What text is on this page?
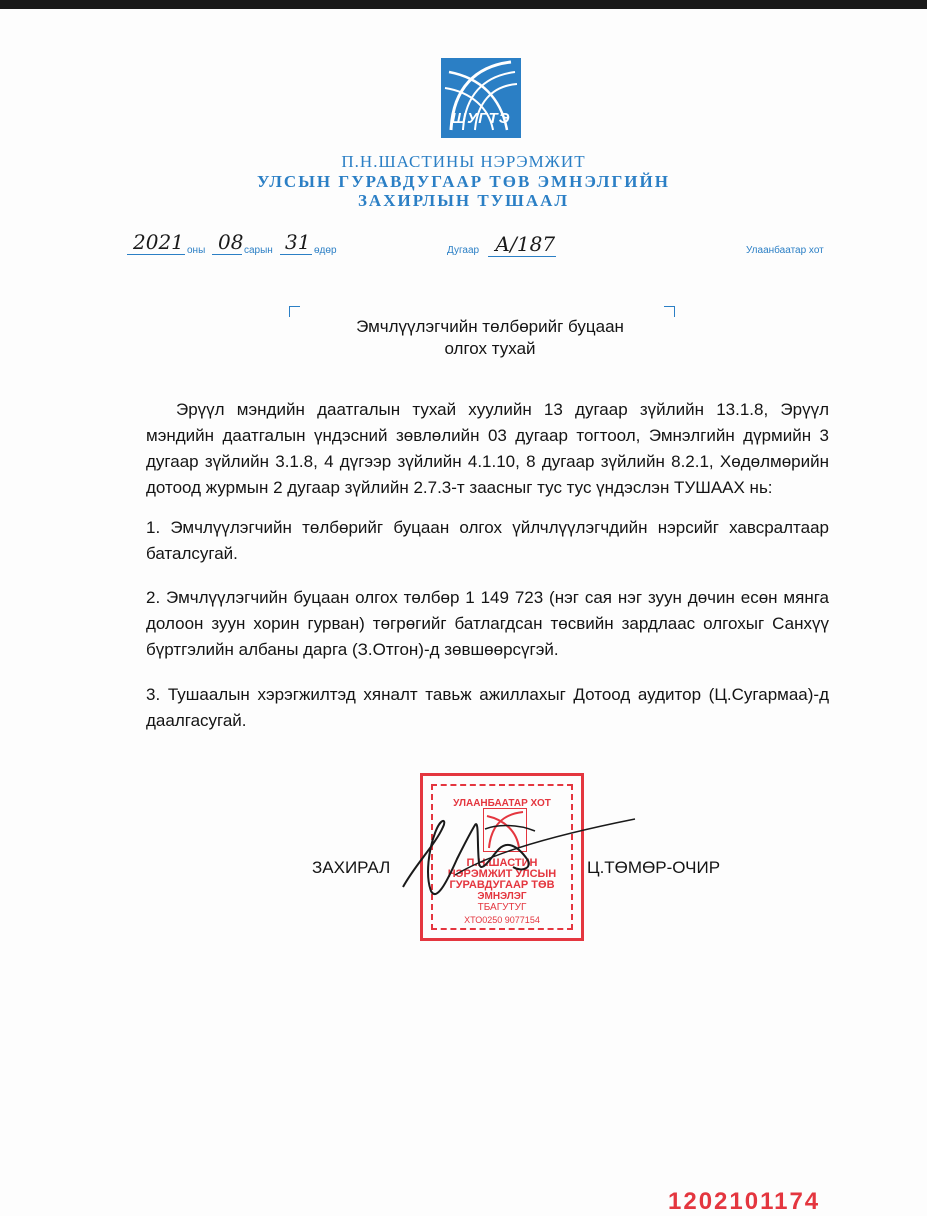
ШУГТЭ
П.Н.ШАСТИНЫ НЭРЭМЖИТ
УЛСЫН ГУРАВДУГААР ТӨВ ЭМНЭЛГИЙН
ЗАХИРЛЫН ТУШААЛ
2021 оны 08 сарын 31 өдөр	Дугаар А/187	Улаанбаатар хот
Эмчлүүлэгчийн төлбөрийг буцаан
олгох тухай
Эрүүл мэндийн даатгалын тухай хуулийн 13 дугаар зүйлийн 13.1.8, Эрүүл мэндийн даатгалын үндэсний зөвлөлийн 03 дугаар тогтоол, Эмнэлгийн дүрмийн 3 дугаар зүйлийн 3.1.8, 4 дүгээр зүйлийн 4.1.10, 8 дугаар зүйлийн 8.2.1, Хөдөлмөрийн дотоод журмын 2 дугаар зүйлийн 2.7.3-т заасныг тус тус үндэслэн ТУШААХ нь:
1. Эмчлүүлэгчийн төлбөрийг буцаан олгох үйлчлүүлэгчдийн нэрсийг хавсралтаар баталсугай.
2. Эмчлүүлэгчийн буцаан олгох төлбөр 1 149 723 (нэг сая нэг зуун дөчин есөн мянга долоон зуун хорин гурван) төгрөгийг батлагдсан төсвийн зардлаас олгохыг Санхүү бүртгэлийн албаны дарга (З.Отгон)-д зөвшөөрсүгэй.
3. Тушаалын хэрэгжилтэд хяналт тавьж ажиллахыг Дотоод аудитор (Ц.Сугармаа)-д даалгасугай.
УЛААНБААТАР ХОТ
П.Н.ШАСТИН
НЭРЭМЖИТ УЛСЫН
ГУРАВДУГААР ТӨВ
ЭМНЭЛЭГ
ТБАГУТУГ
ХТО0250 9077154
ЗАХИРАЛ	Ц.ТӨМӨР-ОЧИР
1202101174
